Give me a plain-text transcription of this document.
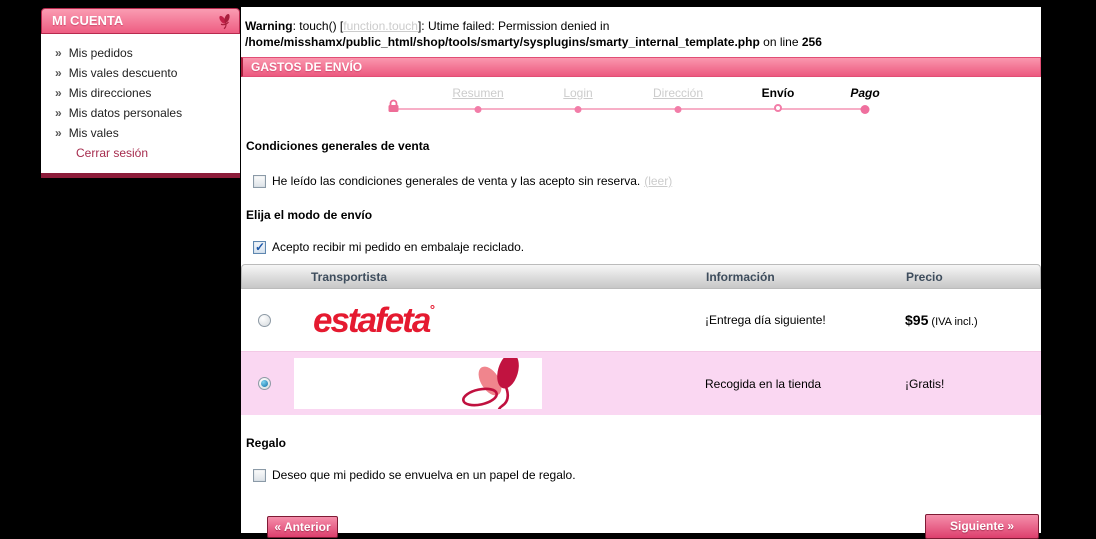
MI CUENTA
» Mis pedidos
» Mis vales descuento
» Mis direcciones
» Mis datos personales
» Mis vales
Cerrar sesión
Warning: touch() [function.touch]: Utime failed: Permission denied in /home/misshamx/public_html/shop/tools/smarty/sysplugins/smarty_internal_template.php on line 256
GASTOS DE ENVÍO
Resumen	Login	Dirección	Envío	Pago
Condiciones generales de venta
He leído las condiciones generales de venta y las acepto sin reserva. (leer)
Elija el modo de envío
✓
Acepto recibir mi pedido en embalaje reciclado.
Transportista	Información	Precio
estafeta°
¡Entrega día siguiente!	$95 (IVA incl.)
Recogida en la tienda	¡Gratis!
Regalo
Deseo que mi pedido se envuelva en un papel de regalo.
« Anterior	Siguiente »
